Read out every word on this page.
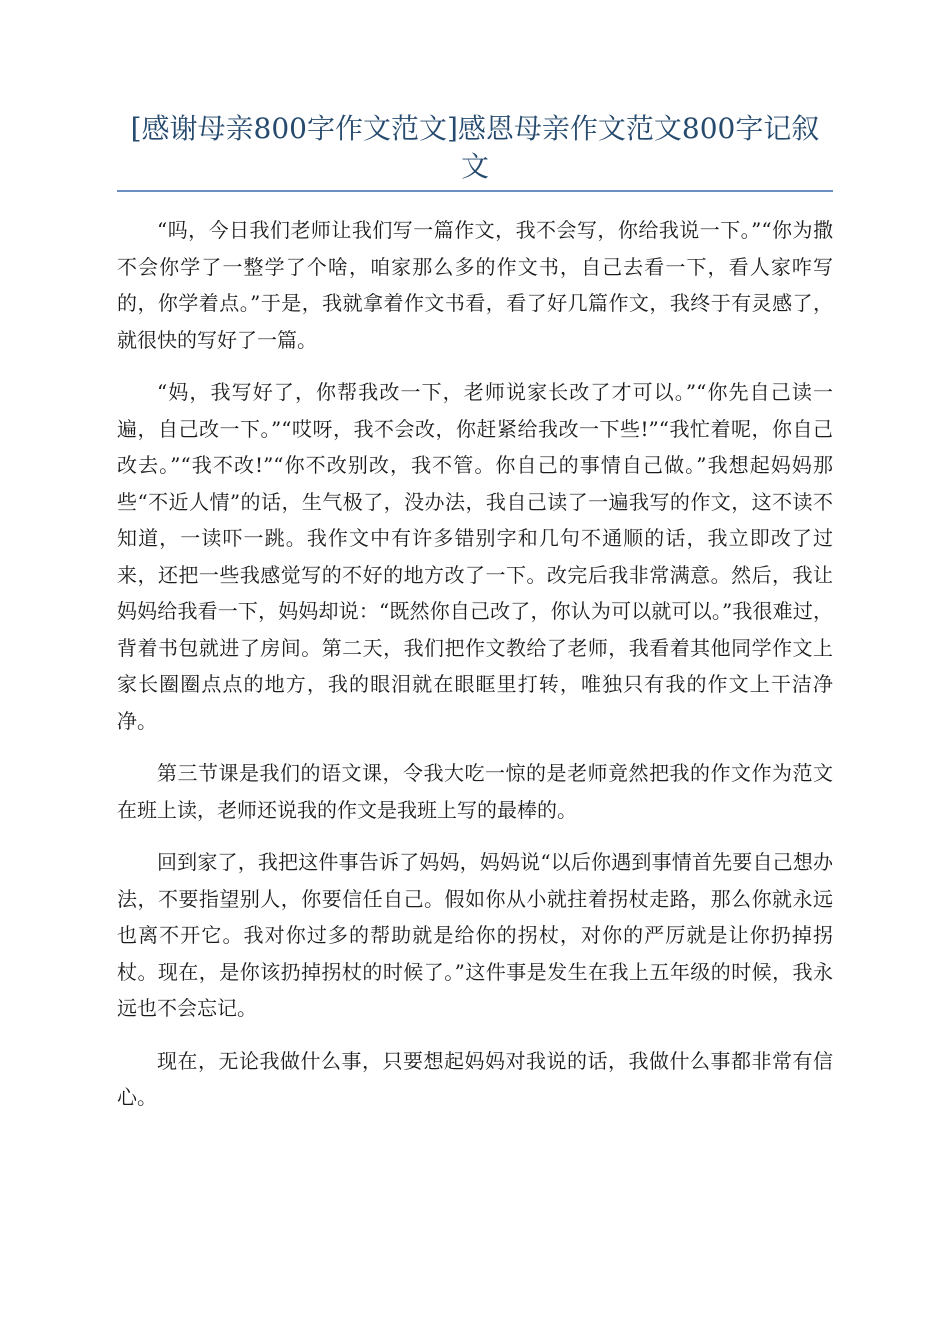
[感谢母亲800字作文范文]感恩母亲作文范文800字记叙文

“吗，今日我们老师让我们写一篇作文，我不会写，你给我说一下。”“你为撒不会你学了一整学了个啥，咱家那么多的作文书，自己去看一下，看人家咋写的，你学着点。”于是，我就拿着作文书看，看了好几篇作文，我终于有灵感了，就很快的写好了一篇。

“妈，我写好了，你帮我改一下，老师说家长改了才可以。”“你先自己读一遍，自己改一下。”“哎呀，我不会改，你赶紧给我改一下些!”“我忙着呢，你自己改去。”“我不改!”“你不改别改，我不管。你自己的事情自己做。”我想起妈妈那些“不近人情”的话，生气极了，没办法，我自己读了一遍我写的作文，这不读不知道，一读吓一跳。我作文中有许多错别字和几句不通顺的话，我立即改了过来，还把一些我感觉写的不好的地方改了一下。改完后我非常满意。然后，我让妈妈给我看一下，妈妈却说：“既然你自己改了，你认为可以就可以。”我很难过，背着书包就进了房间。第二天，我们把作文教给了老师，我看着其他同学作文上家长圈圈点点的地方，我的眼泪就在眼眶里打转，唯独只有我的作文上干洁净净。

第三节课是我们的语文课，令我大吃一惊的是老师竟然把我的作文作为范文在班上读，老师还说我的作文是我班上写的最棒的。

回到家了，我把这件事告诉了妈妈，妈妈说“以后你遇到事情首先要自己想办法，不要指望别人，你要信任自己。假如你从小就拄着拐杖走路，那么你就永远也离不开它。我对你过多的帮助就是给你的拐杖，对你的严厉就是让你扔掉拐杖。现在，是你该扔掉拐杖的时候了。”这件事是发生在我上五年级的时候，我永远也不会忘记。

现在，无论我做什么事，只要想起妈妈对我说的话，我做什么事都非常有信心。
